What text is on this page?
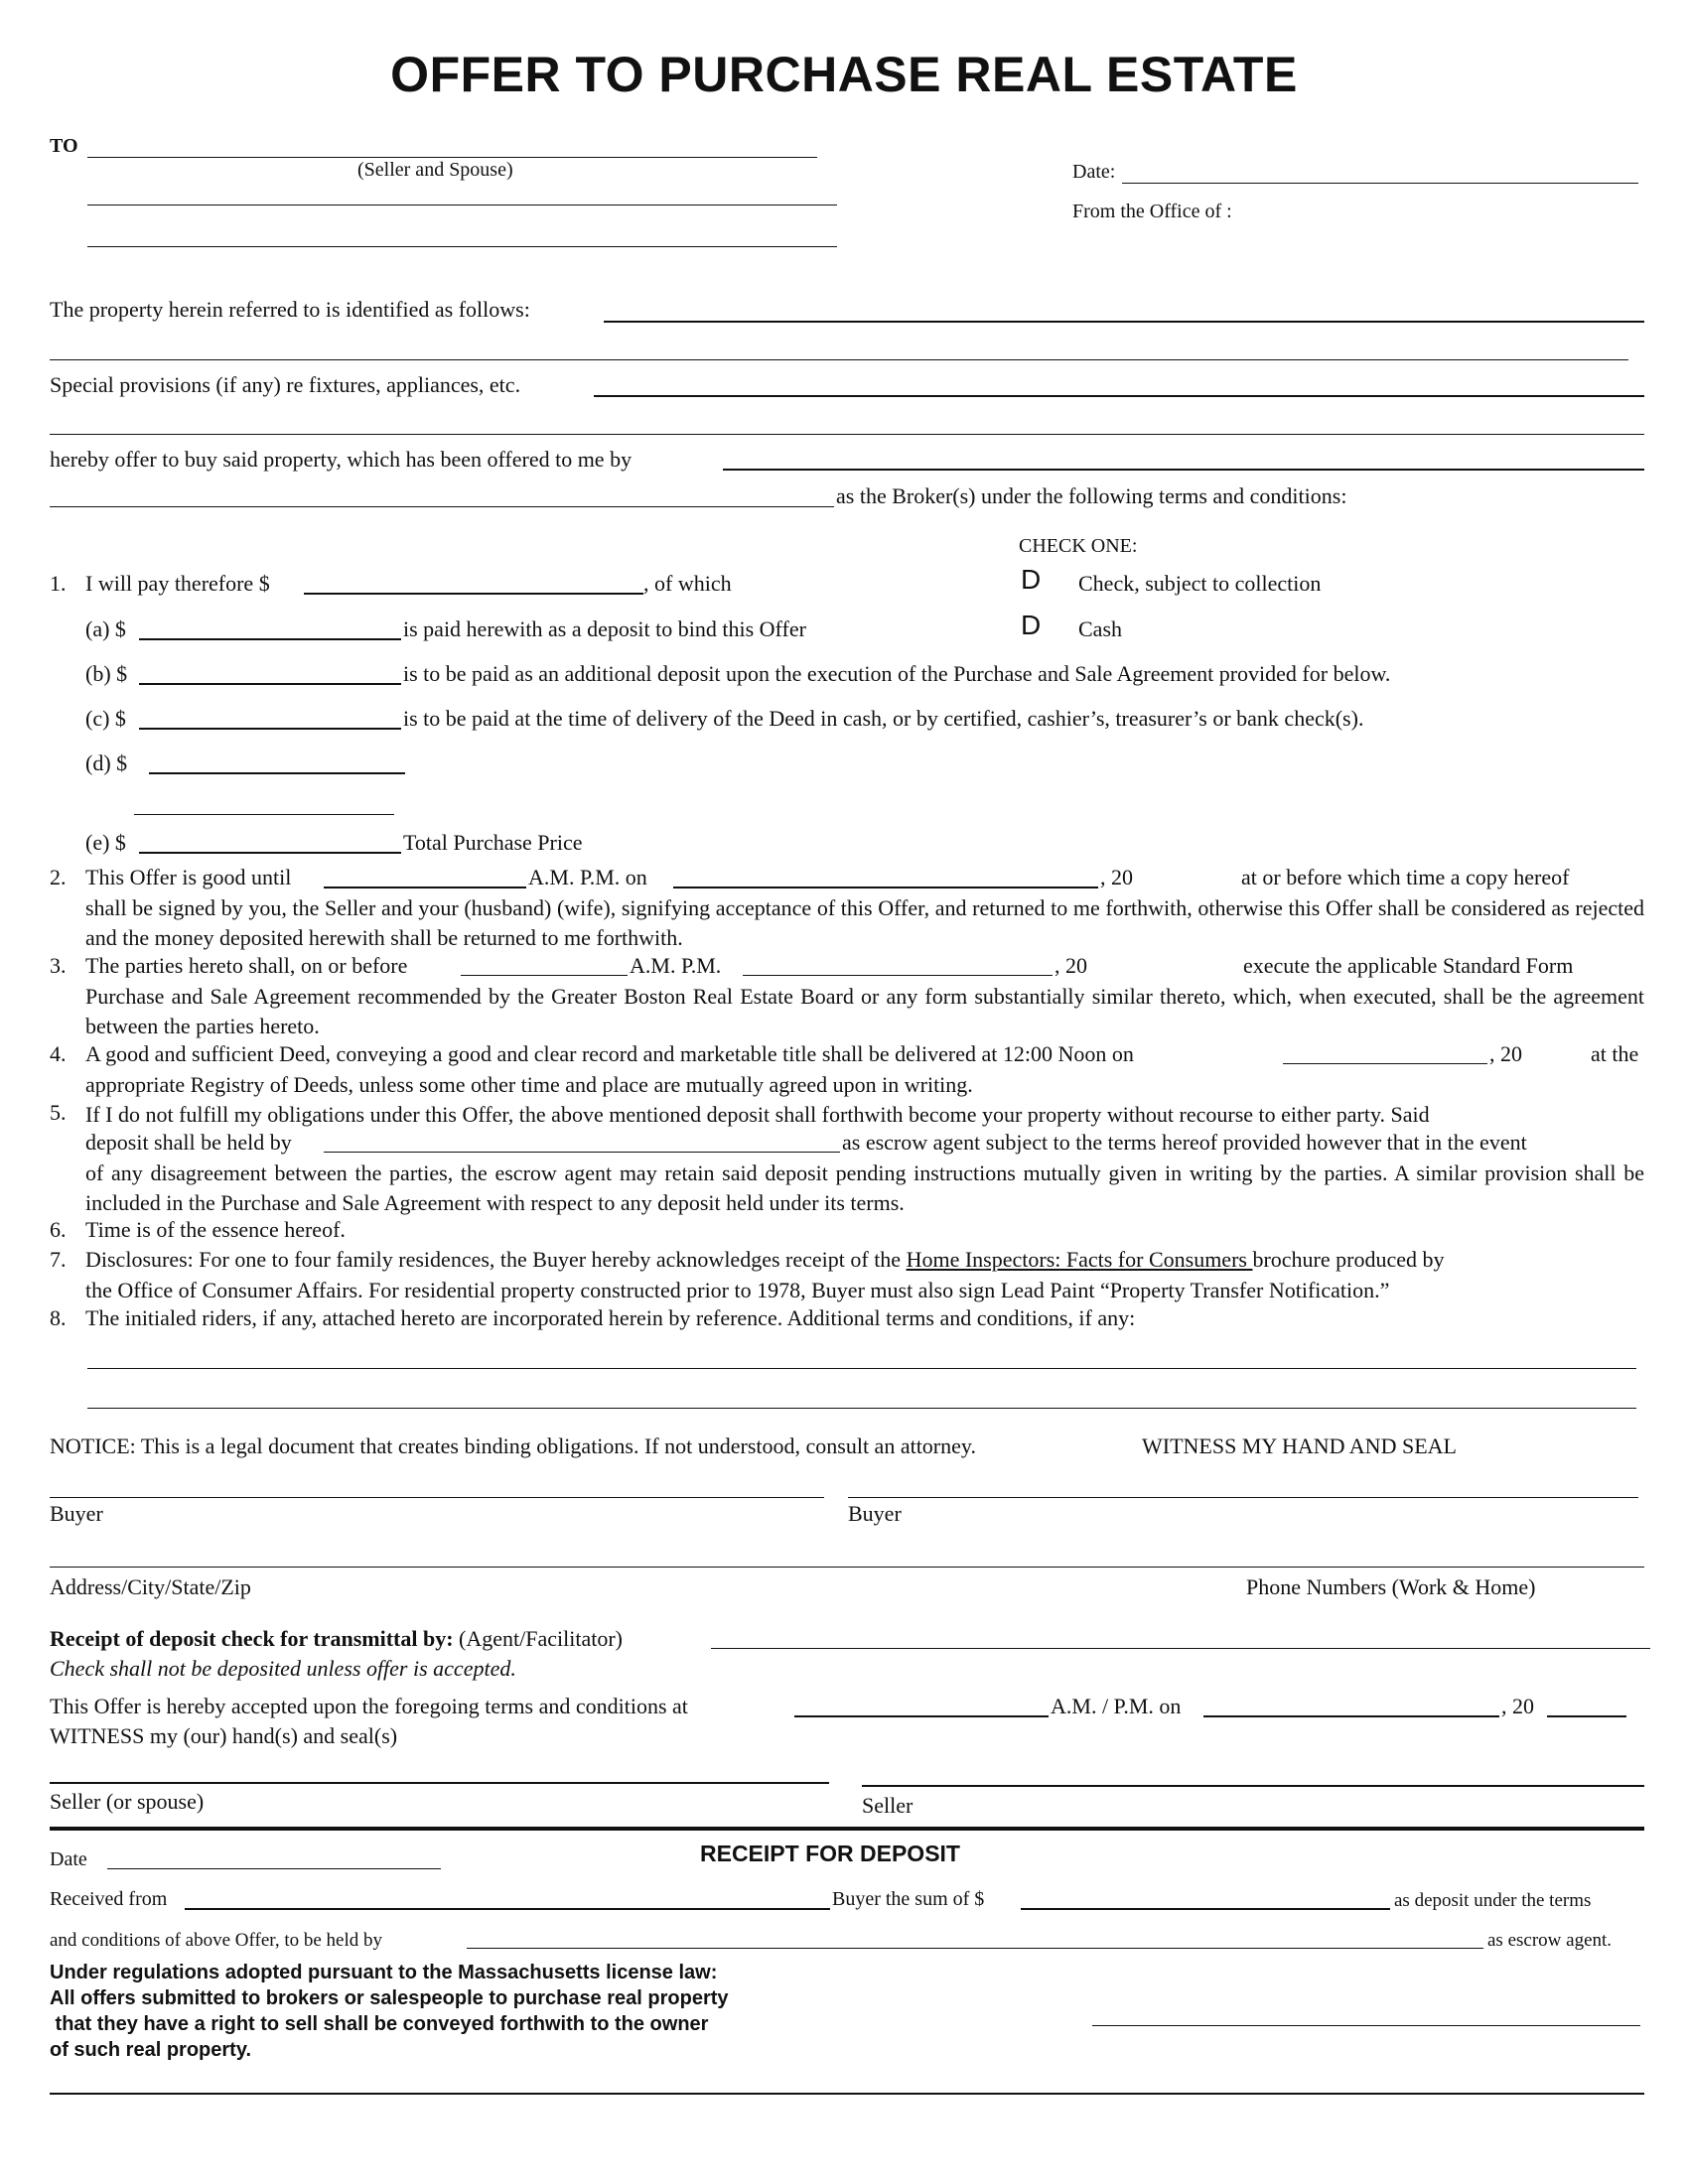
OFFER TO PURCHASE REAL ESTATE
TO
(Seller and Spouse)	Date:
From the Office of :
The property herein referred to is identified as follows:
Special provisions (if any) re fixtures, appliances, etc.
hereby offer to buy said property, which has been offered to me by
as the Broker(s) under the following terms and conditions:
CHECK ONE:
D Check, subject to collection
D Cash
1. I will pay therefore $	, of which
(a) $	is paid herewith as a deposit to bind this Offer
(b) $	is to be paid as an additional deposit upon the execution of the Purchase and Sale Agreement provided for below.
(c) $	is to be paid at the time of delivery of the Deed in cash, or by certified, cashier’s, treasurer’s or bank check(s).
(d) $
(e) $	Total Purchase Price
2. This Offer is good until	A.M. P.M. on	, 20	at or before which time a copy hereof
shall be signed by you, the Seller and your (husband) (wife), signifying acceptance of this Offer, and returned to me forthwith, otherwise this Offer shall be considered as rejected and the money deposited herewith shall be returned to me forthwith.
3. The parties hereto shall, on or before	A.M. P.M.	, 20	execute the applicable Standard Form
Purchase and Sale Agreement recommended by the Greater Boston Real Estate Board or any form substantially similar thereto, which, when executed, shall be the agreement between the parties hereto.
4. A good and sufficient Deed, conveying a good and clear record and marketable title shall be delivered at 12:00 Noon on	, 20	at the
appropriate Registry of Deeds, unless some other time and place are mutually agreed upon in writing.
5. If I do not fulfill my obligations under this Offer, the above mentioned deposit shall forthwith become your property without recourse to either party. Said
deposit shall be held by	as escrow agent subject to the terms hereof provided however that in the event
of any disagreement between the parties, the escrow agent may retain said deposit pending instructions mutually given in writing by the parties. A similar provision shall be included in the Purchase and Sale Agreement with respect to any deposit held under its terms.
6. Time is of the essence hereof.
7. Disclosures: For one to four family residences, the Buyer hereby acknowledges receipt of the Home Inspectors: Facts for Consumers brochure produced by
the Office of Consumer Affairs. For residential property constructed prior to 1978, Buyer must also sign Lead Paint “Property Transfer Notification.”
8. The initialed riders, if any, attached hereto are incorporated herein by reference. Additional terms and conditions, if any:
NOTICE: This is a legal document that creates binding obligations. If not understood, consult an attorney.	WITNESS MY HAND AND SEAL
Buyer	Buyer
Address/City/State/Zip	Phone Numbers (Work & Home)
Receipt of deposit check for transmittal by: (Agent/Facilitator)
Check shall not be deposited unless offer is accepted.
This Offer is hereby accepted upon the foregoing terms and conditions at	A.M. / P.M. on	, 20
WITNESS my (our) hand(s) and seal(s)
Seller (or spouse)	Seller
Date	RECEIPT FOR DEPOSIT
Received from	Buyer the sum of $	as deposit under the terms
and conditions of above Offer, to be held by	as escrow agent.
Under regulations adopted pursuant to the Massachusetts license law:
All offers submitted to brokers or salespeople to purchase real property
that they have a right to sell shall be conveyed forthwith to the owner
of such real property.
